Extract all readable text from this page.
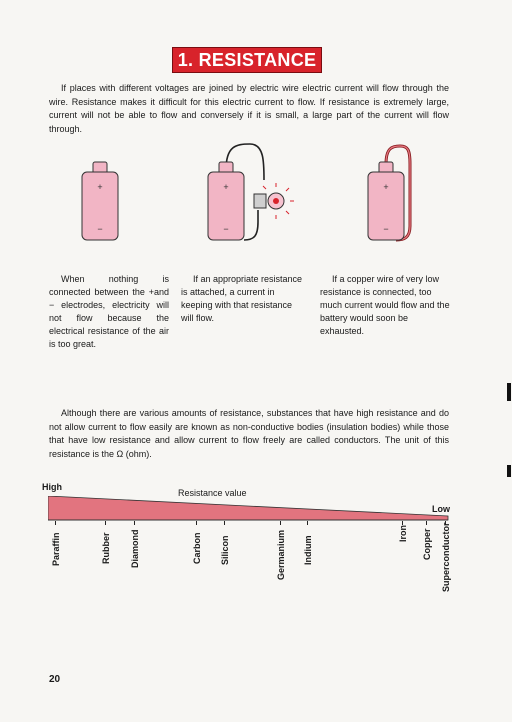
1. RESISTANCE

If places with different voltages are joined by electric wire electric current will flow through the wire. Resistance makes it difficult for this electric current to flow. If resistance is extremely large, current will not be able to flow and conversely if it is small, a large part of the current will flow through.

+
−
+
−
+
−

When nothing is connected between the +and − electrodes, electricity will not flow because the electrical resistance of the air is too great.

If an appropriate resistance is attached, a current in keeping with that resistance will flow.

If a copper wire of very low resistance is connected, too much current would flow and the battery would soon be exhausted.

Although there are various amounts of resistance, substances that have high resistance and do not allow current to flow easily are known as non-conductive bodies (insulation bodies) while those that have low resistance and allow current to flow freely are called conductors. The unit of this resistance is the Ω (ohm).

High
Resistance value
Low
Paraffin	Rubber Diamond	Carbon Silicon	Germanium Indium
Iron Copper Superconductor
20
